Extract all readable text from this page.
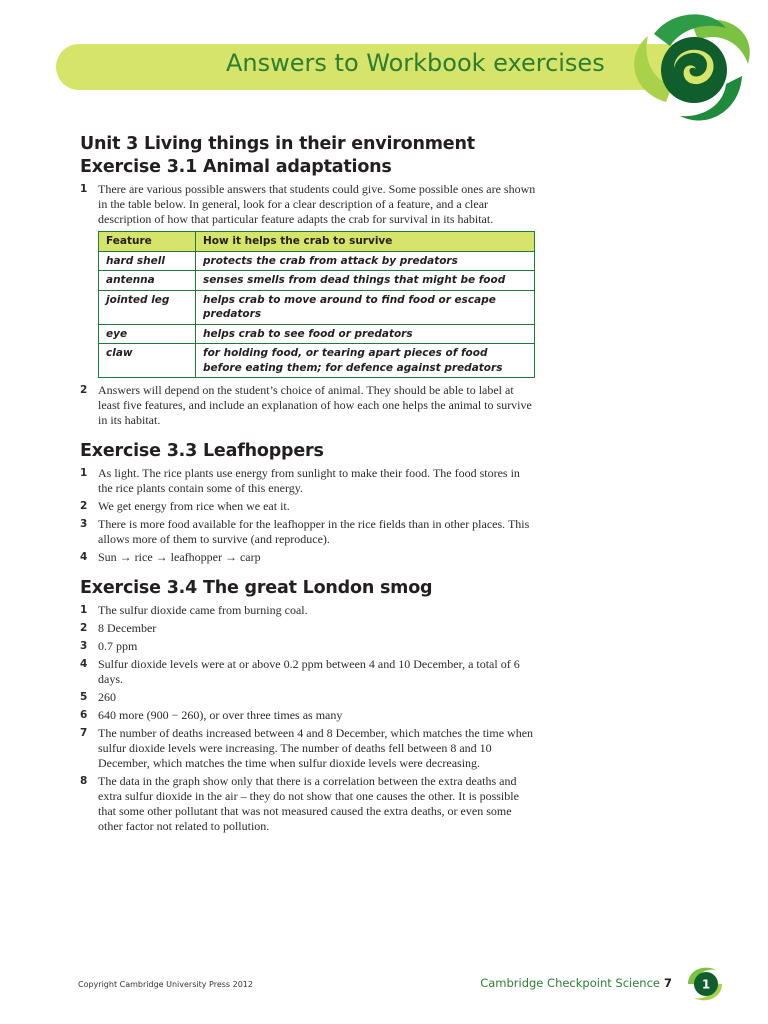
Answers to Workbook exercises
Unit 3 Living things in their environment
Exercise 3.1 Animal adaptations
1 There are various possible answers that students could give. Some possible ones are shown in the table below. In general, look for a clear description of a feature, and a clear description of how that particular feature adapts the crab for survival in its habitat.
Feature	How it helps the crab to survive
hard shell	protects the crab from attack by predators
antenna	senses smells from dead things that might be food
jointed leg	helps crab to move around to find food or escape predators
eye	helps crab to see food or predators
claw	for holding food, or tearing apart pieces of food before eating them; for defence against predators
2 Answers will depend on the student’s choice of animal. They should be able to label at least five features, and include an explanation of how each one helps the animal to survive in its habitat.
Exercise 3.3 Leafhoppers
1 As light. The rice plants use energy from sunlight to make their food. The food stores in the rice plants contain some of this energy.
2 We get energy from rice when we eat it.
3 There is more food available for the leafhopper in the rice fields than in other places. This allows more of them to survive (and reproduce).
4 Sun → rice → leafhopper → carp
Exercise 3.4 The great London smog
1 The sulfur dioxide came from burning coal.
2 8 December
3 0.7 ppm
4 Sulfur dioxide levels were at or above 0.2 ppm between 4 and 10 December, a total of 6 days.
5 260
6 640 more (900 − 260), or over three times as many
7 The number of deaths increased between 4 and 8 December, which matches the time when sulfur dioxide levels were increasing. The number of deaths fell between 8 and 10 December, which matches the time when sulfur dioxide levels were decreasing.
8 The data in the graph show only that there is a correlation between the extra deaths and extra sulfur dioxide in the air – they do not show that one causes the other. It is possible that some other pollutant that was not measured caused the extra deaths, or even some other factor not related to pollution.

Copyright Cambridge University Press 2012	Cambridge Checkpoint Science 7 1
